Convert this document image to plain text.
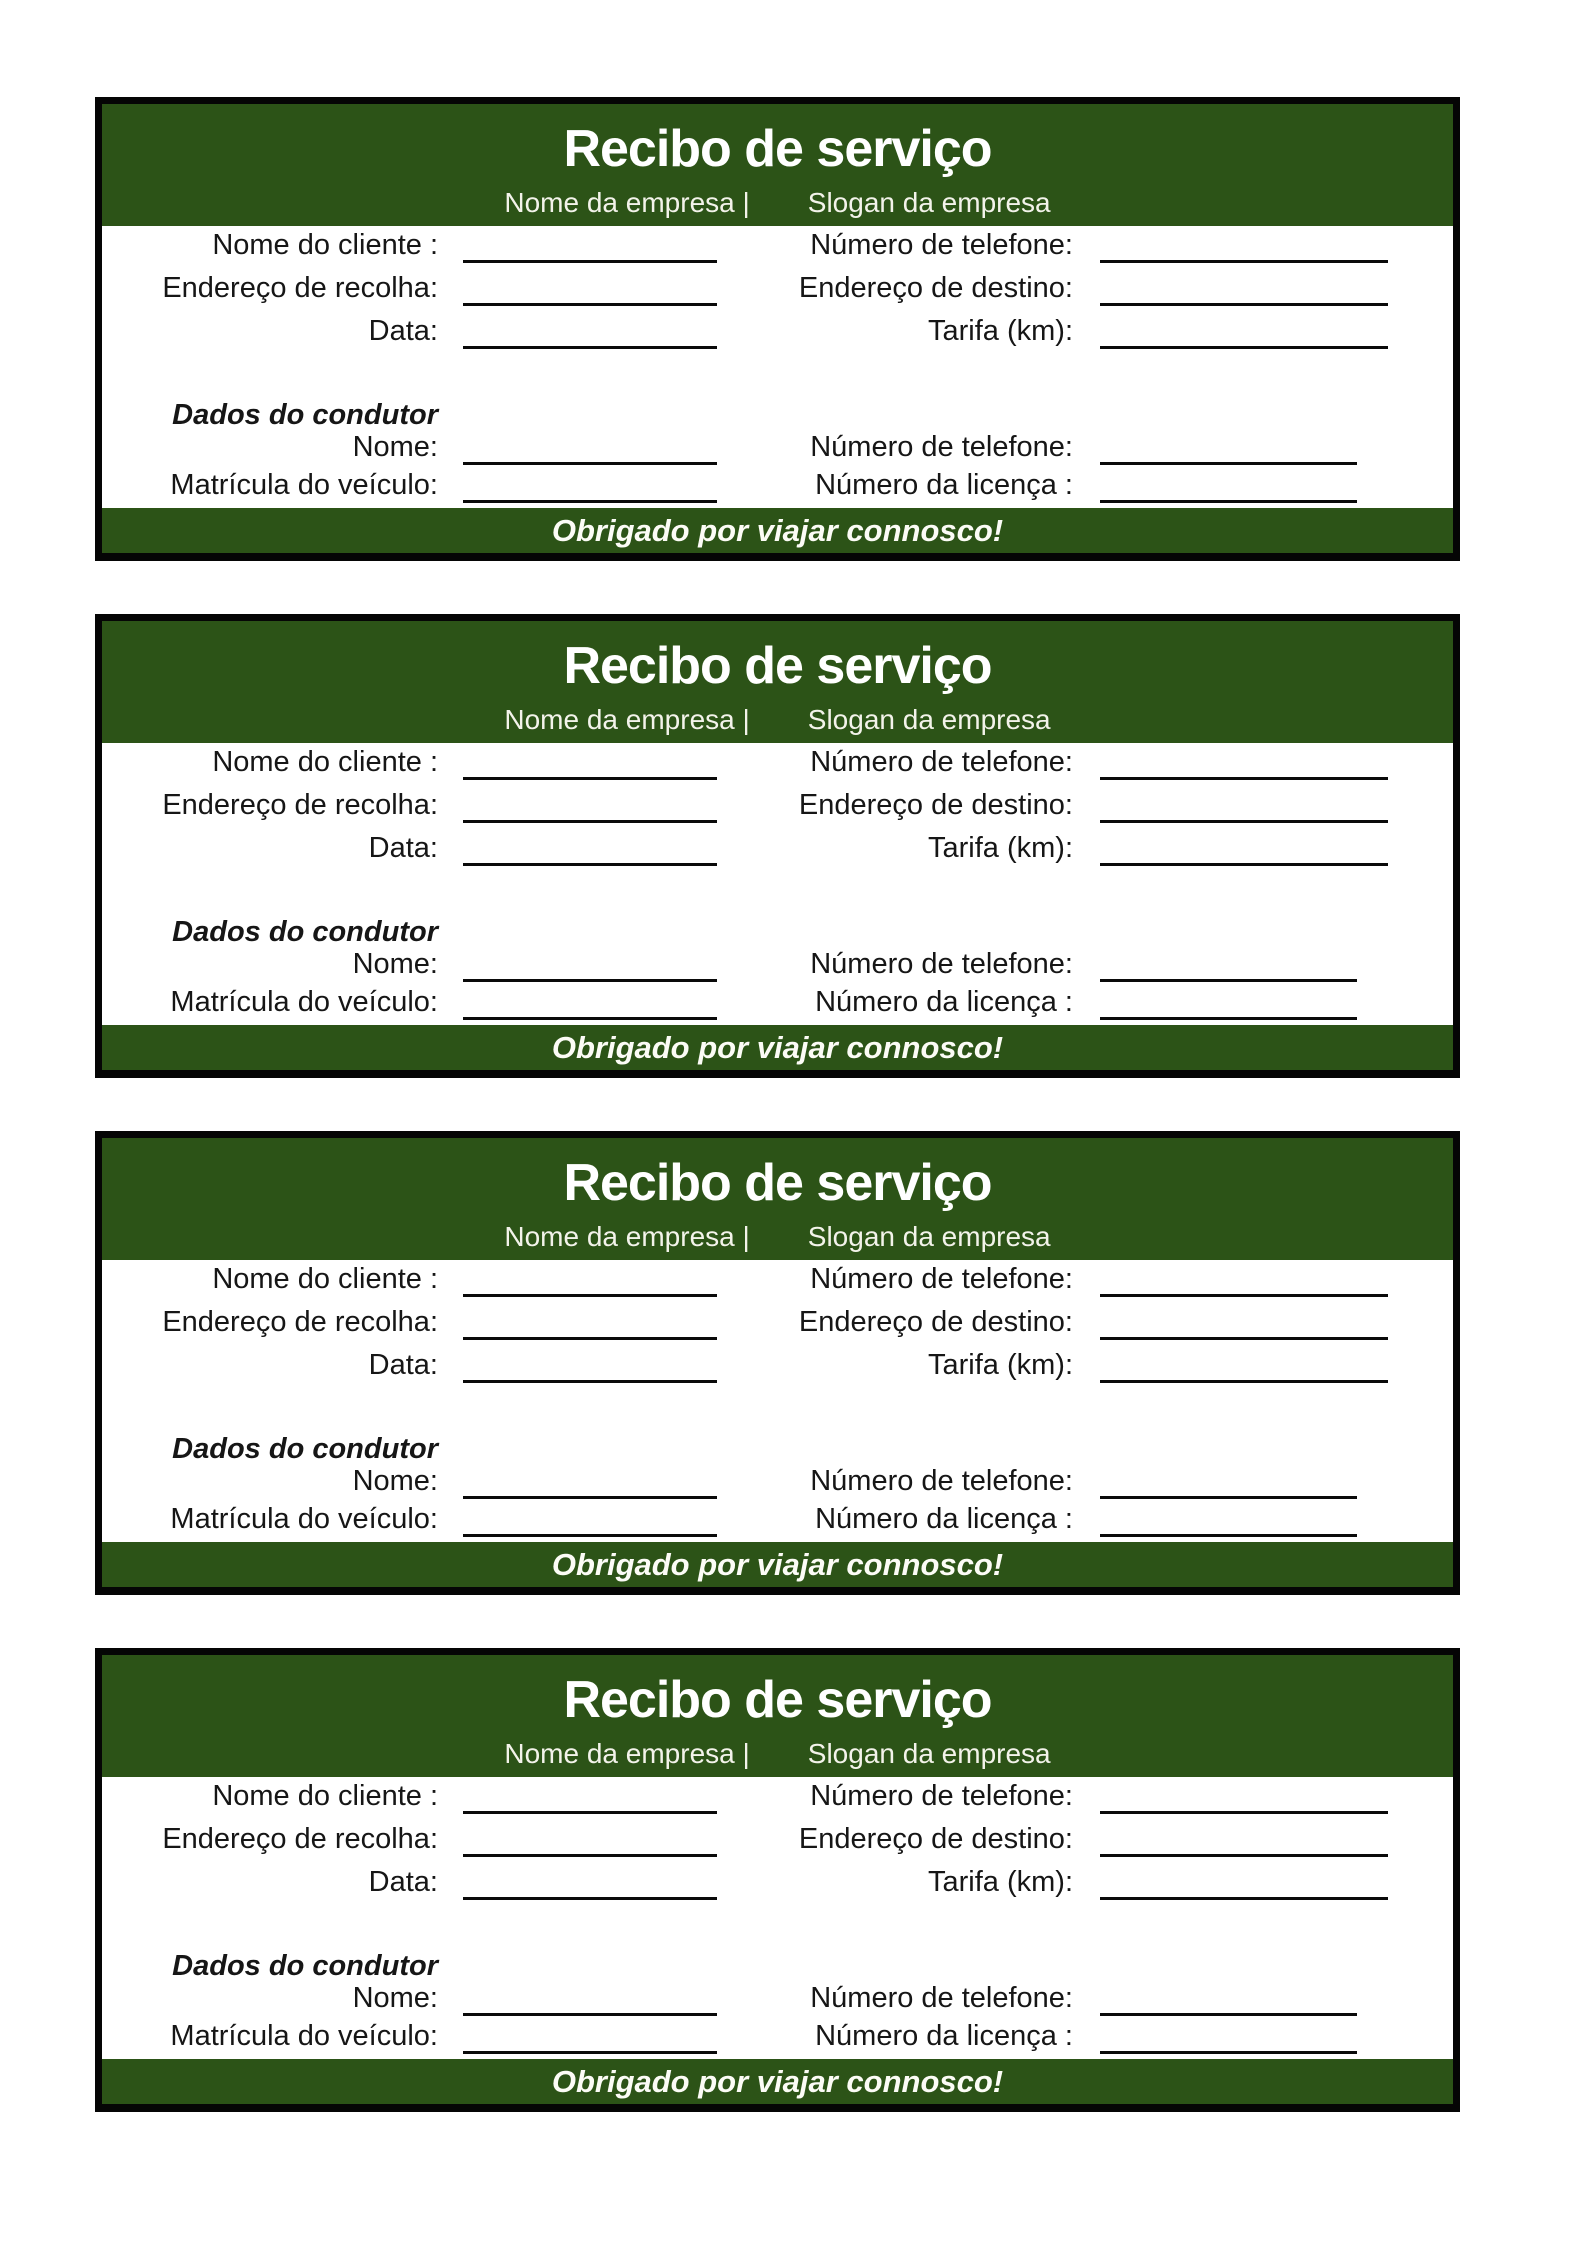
Recibo de serviço
Nome da empresa | Slogan da empresa
Nome do cliente :	Número de telefone:
Endereço de recolha:	Endereço de destino:
Data:	Tarifa (km):
Dados do condutor
Nome:	Número de telefone:
Matrícula do veículo:	Número da licença :
Obrigado por viajar connosco!
Recibo de serviço
Nome da empresa | Slogan da empresa
Nome do cliente :	Número de telefone:
Endereço de recolha:	Endereço de destino:
Data:	Tarifa (km):
Dados do condutor
Nome:	Número de telefone:
Matrícula do veículo:	Número da licença :
Obrigado por viajar connosco!
Recibo de serviço
Nome da empresa | Slogan da empresa
Nome do cliente :	Número de telefone:
Endereço de recolha:	Endereço de destino:
Data:	Tarifa (km):
Dados do condutor
Nome:	Número de telefone:
Matrícula do veículo:	Número da licença :
Obrigado por viajar connosco!
Recibo de serviço
Nome da empresa | Slogan da empresa
Nome do cliente :	Número de telefone:
Endereço de recolha:	Endereço de destino:
Data:	Tarifa (km):
Dados do condutor
Nome:	Número de telefone:
Matrícula do veículo:	Número da licença :
Obrigado por viajar connosco!
